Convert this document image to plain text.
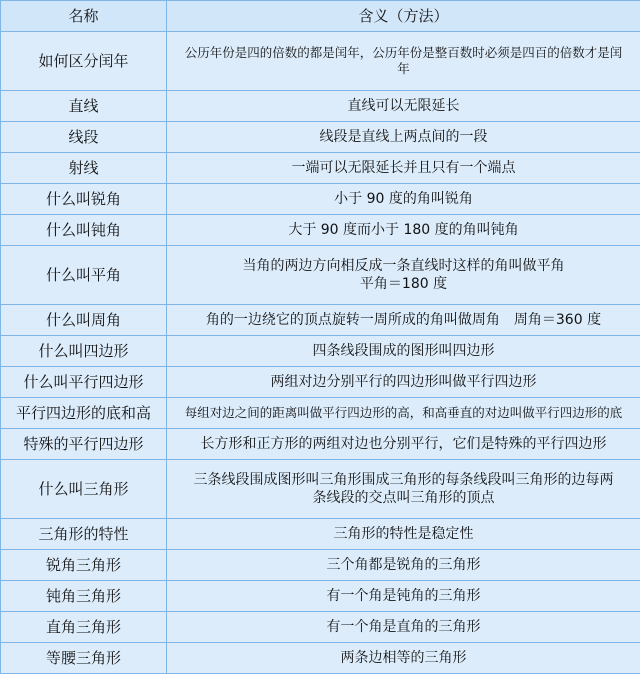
名称	含义（方法）
如何区分闰年	公历年份是四的倍数的都是闰年，公历年份是整百数时必须是四百的倍数才是闰
年

直线	直线可以无限延长

线段	线段是直线上两点间的一段

射线	一端可以无限延长并且只有一个端点

什么叫锐角	小于 90 度的角叫锐角

什么叫钝角	大于 90 度而小于 180 度的角叫钝角

什么叫平角	当角的两边方向相反成一条直线时这样的角叫做平角
平角＝180 度

什么叫周角	角的一边绕它的顶点旋转一周所成的角叫做周角　周角＝360 度

什么叫四边形	四条线段围成的图形叫四边形

什么叫平行四边形	两组对边分别平行的四边形叫做平行四边形

平行四边形的底和高	每组对边之间的距离叫做平行四边形的高，和高垂直的对边叫做平行四边形的底

特殊的平行四边形	长方形和正方形的两组对边也分别平行，它们是特殊的平行四边形

什么叫三角形	三条线段围成图形叫三角形围成三角形的每条线段叫三角形的边每两
条线段的交点叫三角形的顶点

三角形的特性	三角形的特性是稳定性

锐角三角形	三个角都是锐角的三角形

钝角三角形	有一个角是钝角的三角形

直角三角形	有一个角是直角的三角形

等腰三角形	两条边相等的三角形
